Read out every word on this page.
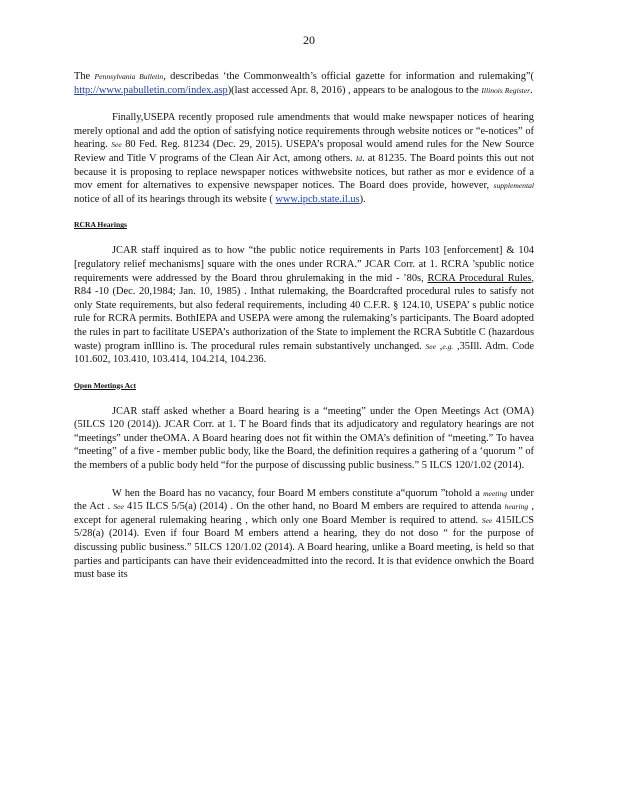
20

The Pennsylvania Bulletin, describedas ‘the Commonwealth’s official gazette for information and rulemaking”( http://www.pabulletin.com/index.asp)(last accessed Apr. 8, 2016) , appears to be analogous to the Illinois Register.

Finally,USEPA recently proposed rule amendments that would make newspaper notices of hearing merely optional and add the option of satisfying notice requirements through website notices or “e-notices” of hearing. See 80 Fed. Reg. 81234 (Dec. 29, 2015). USEPA’s proposal would amend rules for the New Source Review and Title V programs of the Clean Air Act, among others. Id. at 81235. The Board points this out not because it is proposing to replace newspaper notices withwebsite notices, but rather as mor e evidence of a mov ement for alternatives to expensive newspaper notices. The Board does provide, however, supplemental notice of all of its hearings through its website ( www.ipcb.state.il.us).

RCRA Hearings

JCAR staff inquired as to how “the public notice requirements in Parts 103 [enforcement] & 104 [regulatory relief mechanisms] square with the ones under RCRA.” JCAR Corr. at 1. RCRA ’spublic notice requirements were addressed by the Board throu ghrulemaking in the mid - ’80s, RCRA Procedural Rules, R84 -10 (Dec. 20,1984; Jan. 10, 1985) . Inthat rulemaking, the Boardcrafted procedural rules to satisfy not only State requirements, but also federal requirements, including 40 C.F.R. § 124.10, USEPA’ s public notice rule for RCRA permits. BothIEPA and USEPA were among the rulemaking’s participants. The Board adopted the rules in part to facilitate USEPA’s authorization of the State to implement the RCRA Subtitle C (hazardous waste) program inIllino is. The procedural rules remain substantively unchanged. See ,e.g. ,35Ill. Adm. Code 101.602, 103.410, 103.414, 104.214, 104.236.

Open Meetings Act

JCAR staff asked whether a Board hearing is a “meeting” under the Open Meetings Act (OMA) (5ILCS 120 (2014)). JCAR Corr. at 1. T he Board finds that its adjudicatory and regulatory hearings are not “meetings” under theOMA. A Board hearing does not fit within the OMA’s definition of “meeting.” To havea “meeting” of a five - member public body, like the Board, the definition requires a gathering of a ‘quorum ” of the members of a public body held “for the purpose of discussing public business.” 5 ILCS 120/1.02 (2014).

W hen the Board has no vacancy, four Board M embers constitute a“quorum ”tohold a meeting under the Act . See 415 ILCS 5/5(a) (2014) . On the other hand, no Board M embers are required to attenda hearing , except for ageneral rulemaking hearing , which only one Board Member is required to attend. See 415ILCS 5/28(a) (2014). Even if four Board M embers attend a hearing, they do not doso “ for the purpose of discussing public business.” 5ILCS 120/1.02 (2014). A Board hearing, unlike a Board meeting, is held so that parties and participants can have their evidenceadmitted into the record. It is that evidence onwhich the Board must base its
